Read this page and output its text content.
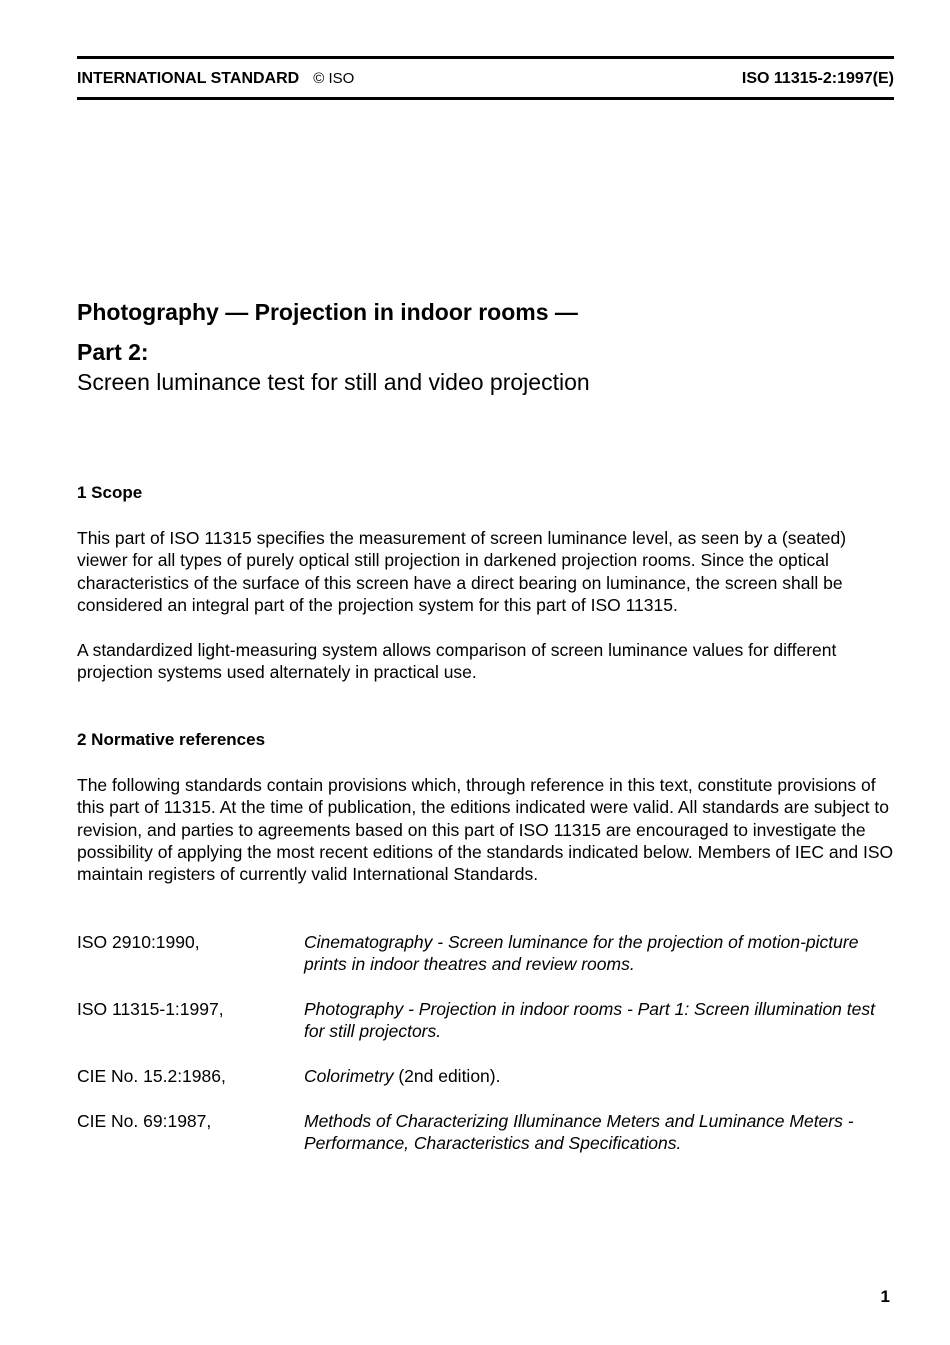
INTERNATIONAL STANDARD © ISO	ISO 11315-2:1997(E)

Photography — Projection in indoor rooms —

Part 2:

Screen luminance test for still and video projection

1 Scope

This part of ISO 11315 specifies the measurement of screen luminance level, as seen by a (seated) viewer for all types of purely optical still projection in darkened projection rooms. Since the optical characteristics of the surface of this screen have a direct bearing on luminance, the screen shall be considered an integral part of the projection system for this part of ISO 11315.

A standardized light-measuring system allows comparison of screen luminance values for different projection systems used alternately in practical use.

2 Normative references

The following standards contain provisions which, through reference in this text, constitute provisions of this part of 11315. At the time of publication, the editions indicated were valid. All standards are subject to revision, and parties to agreements based on this part of ISO 11315 are encouraged to investigate the possibility of applying the most recent editions of the standards indicated below. Members of IEC and ISO maintain registers of currently valid International Standards.

ISO 2910:1990,	Cinematography - Screen luminance for the projection of motion-picture prints in indoor theatres and review rooms.
ISO 11315-1:1997,	Photography - Projection in indoor rooms - Part 1: Screen illumination test for still projectors.
CIE No. 15.2:1986,	Colorimetry (2nd edition).
CIE No. 69:1987,	Methods of Characterizing Illuminance Meters and Luminance Meters - Performance, Characteristics and Specifications.
1
